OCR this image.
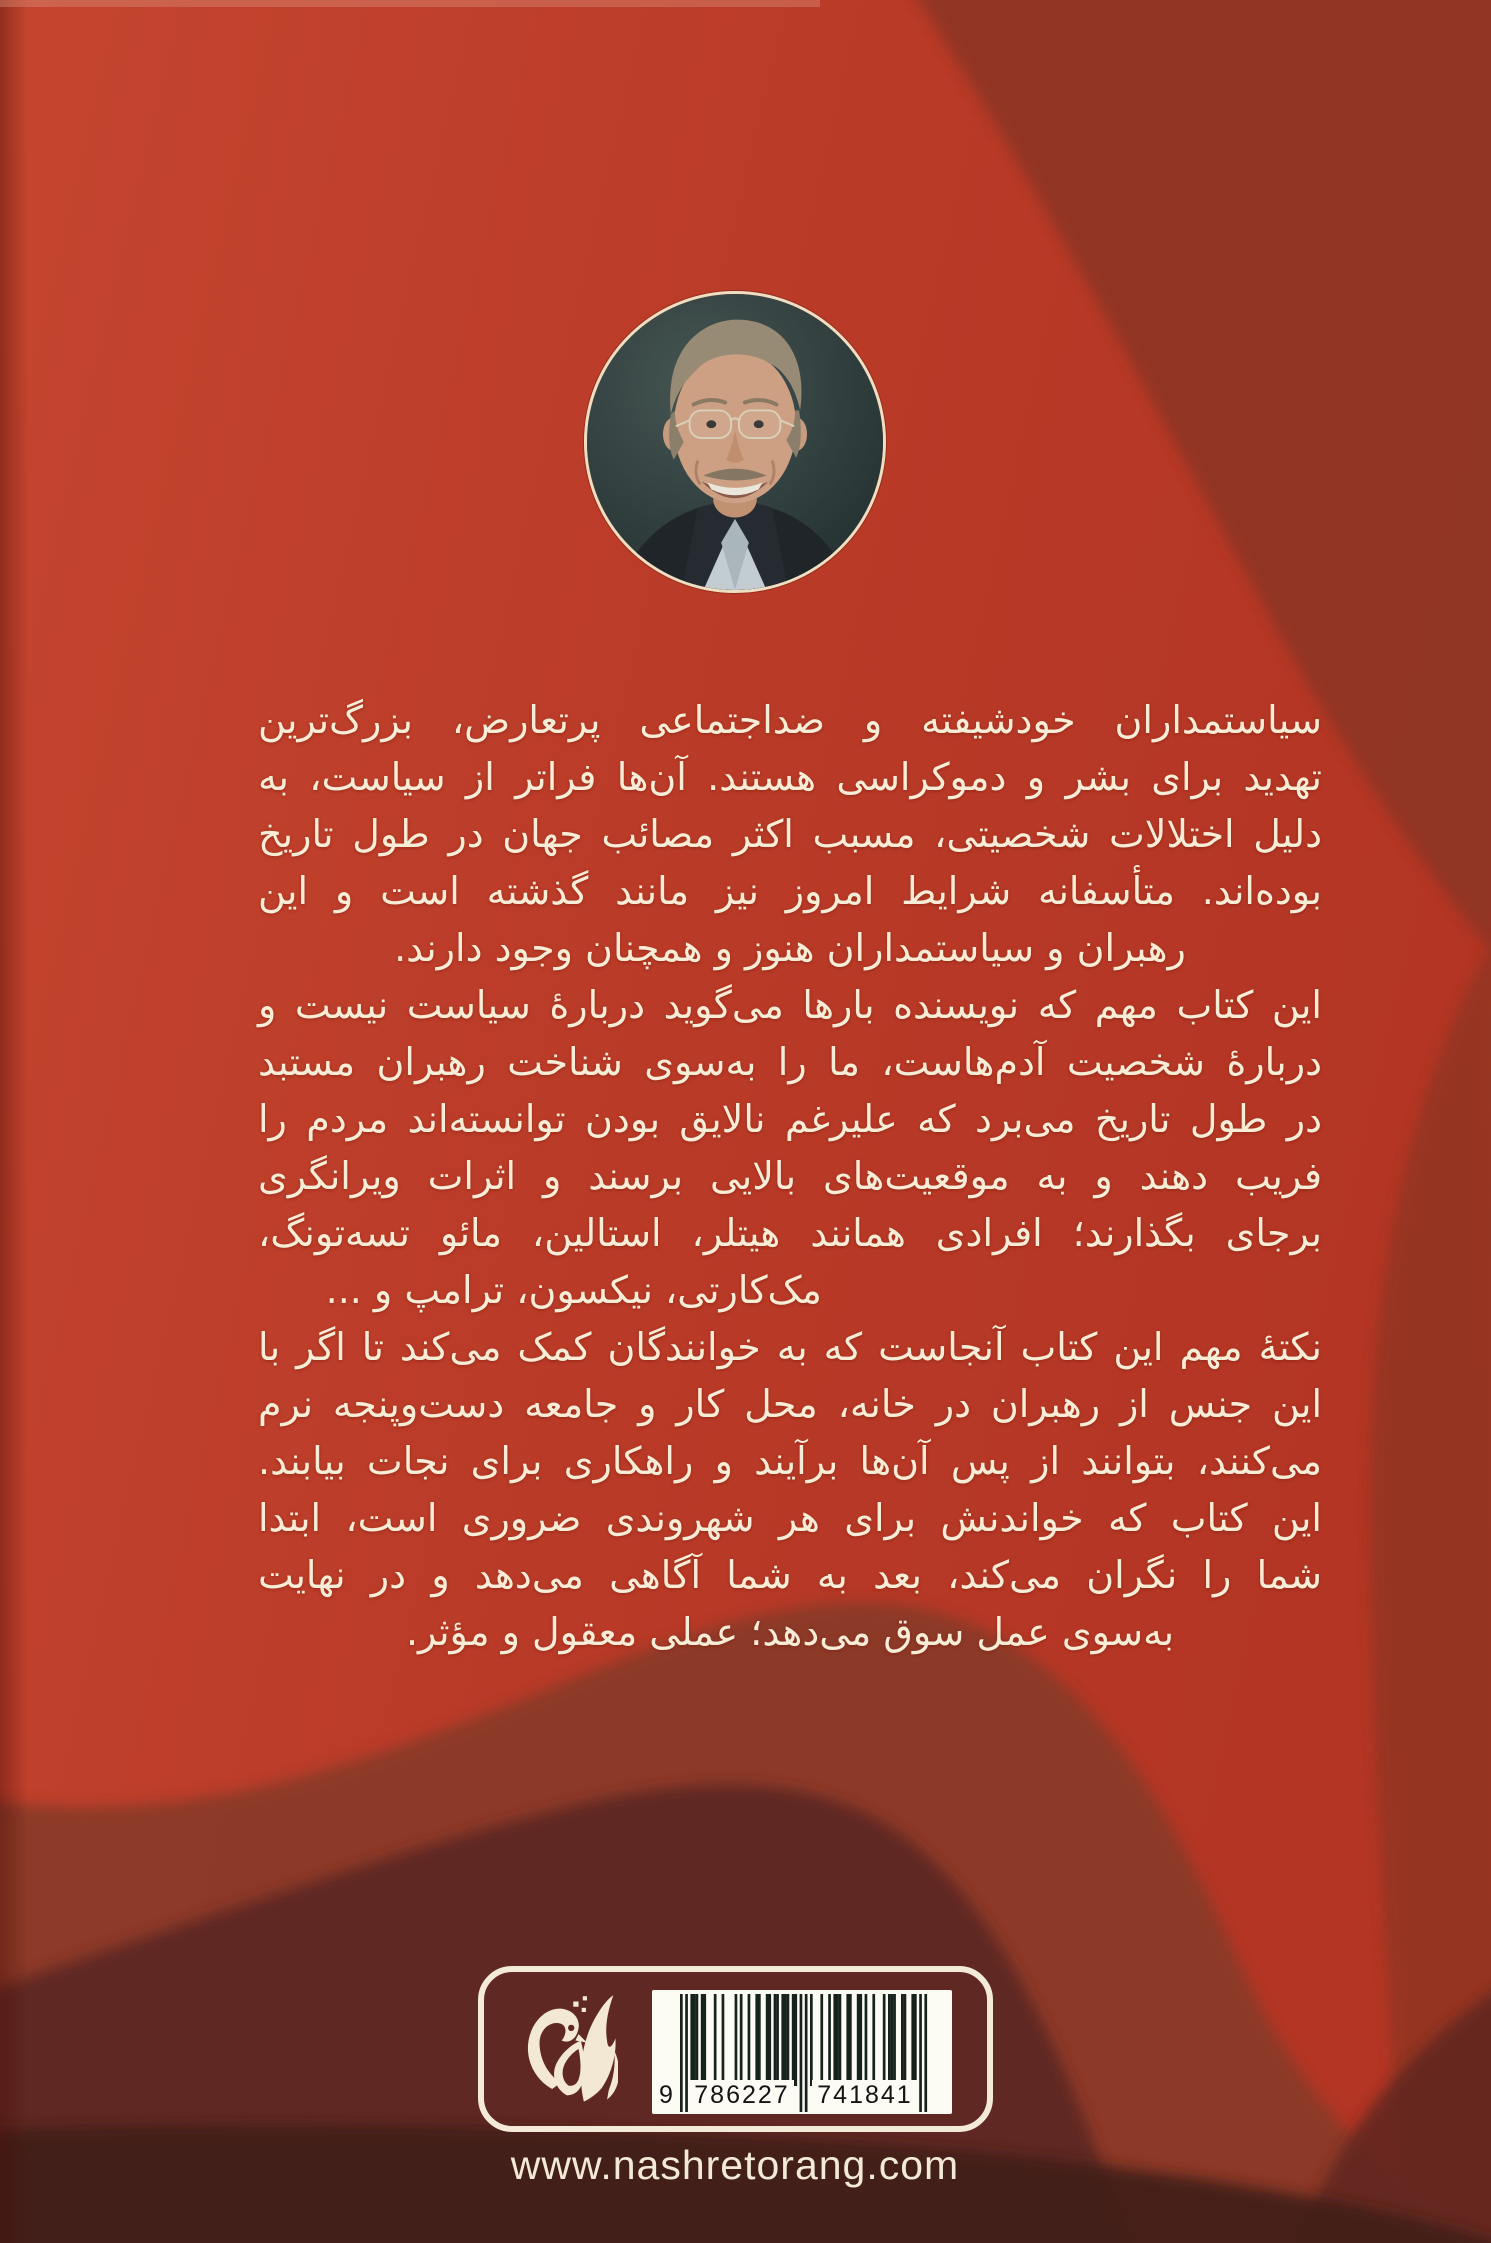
سیاستمداران خودشیفته و ضداجتماعی پرتعارض، بزرگ‌ترین
تهدید برای بشر و دموکراسی هستند. آن‌ها فراتر از سیاست، به
دلیل اختلالات شخصیتی، مسبب اکثر مصائب جهان در طول تاریخ
بوده‌اند. متأسفانه شرایط امروز نیز مانند گذشته است و این
رهبران و سیاستمداران هنوز و همچنان وجود دارند.
این کتاب مهم که نویسنده بارها می‌گوید دربارهٔ سیاست نیست و
دربارهٔ شخصیت آدم‌هاست، ما را به‌سوی شناخت رهبران مستبد
در طول تاریخ می‌برد که علیرغم نالایق بودن توانسته‌اند مردم را
فریب دهند و به موقعیت‌های بالایی برسند و اثرات ویرانگری
برجای بگذارند؛ افرادی همانند هیتلر، استالین، مائو تسه‌تونگ،
مک‌کارتی، نیکسون، ترامپ و ...
نکتهٔ مهم این کتاب آنجاست که به خوانندگان کمک می‌کند تا اگر با
این جنس از رهبران در خانه، محل کار و جامعه دست‌وپنجه نرم
می‌کنند، بتوانند از پس آن‌ها برآیند و راهکاری برای نجات بیابند.
این کتاب که خواندنش برای هر شهروندی ضروری است، ابتدا
شما را نگران می‌کند، بعد به شما آگاهی می‌دهد و در نهایت
به‌سوی عمل سوق می‌دهد؛ عملی معقول و مؤثر.
9 786227 741841
www.nashretorang.com
